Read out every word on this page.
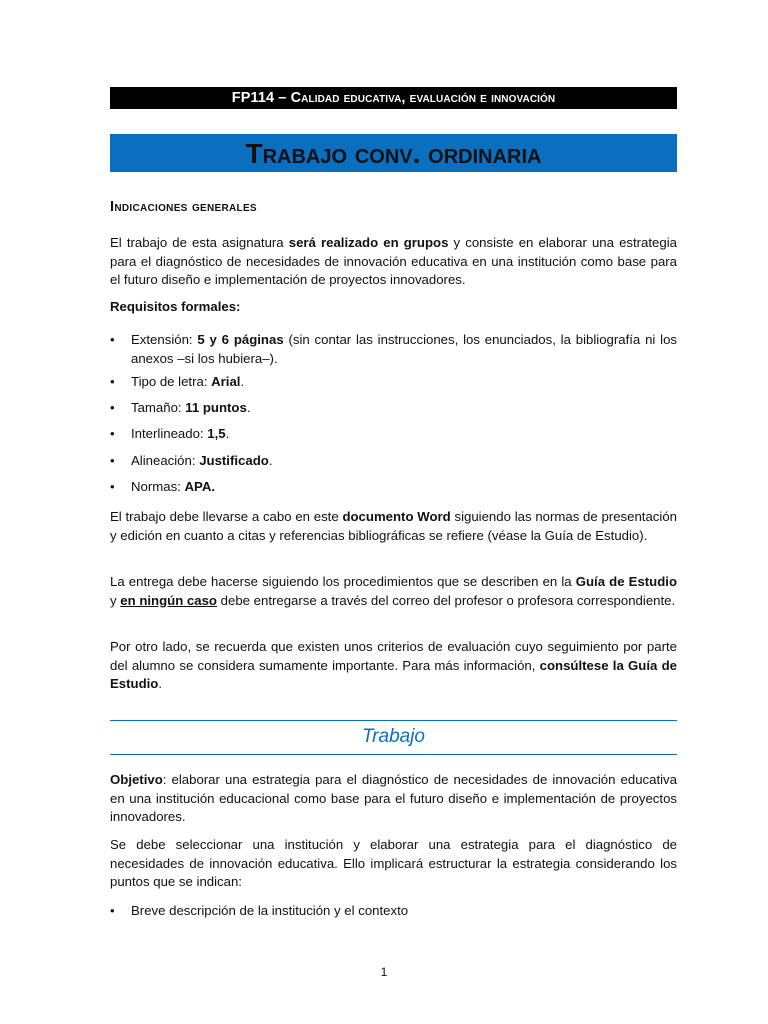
FP114 – Calidad educativa, evaluación e innovación
Trabajo conv. ordinaria
Indicaciones generales
El trabajo de esta asignatura será realizado en grupos y consiste en elaborar una estrategia para el diagnóstico de necesidades de innovación educativa en una institución como base para el futuro diseño e implementación de proyectos innovadores.
Requisitos formales:
•	Extensión: 5 y 6 páginas (sin contar las instrucciones, los enunciados, la bibliografía ni los anexos –si los hubiera–).
•	Tipo de letra: Arial.
•	Tamaño: 11 puntos.
•	Interlineado: 1,5.
•	Alineación: Justificado.
•	Normas: APA.
El trabajo debe llevarse a cabo en este documento Word siguiendo las normas de presentación y edición en cuanto a citas y referencias bibliográficas se refiere (véase la Guía de Estudio).
La entrega debe hacerse siguiendo los procedimientos que se describen en la Guía de Estudio y en ningún caso debe entregarse a través del correo del profesor o profesora correspondiente.
Por otro lado, se recuerda que existen unos criterios de evaluación cuyo seguimiento por parte del alumno se considera sumamente importante. Para más información, consúltese la Guía de Estudio.
Trabajo
Objetivo: elaborar una estrategia para el diagnóstico de necesidades de innovación educativa en una institución educacional como base para el futuro diseño e implementación de proyectos innovadores.
Se debe seleccionar una institución y elaborar una estrategia para el diagnóstico de necesidades de innovación educativa. Ello implicará estructurar la estrategia considerando los puntos que se indican:
•	Breve descripción de la institución y el contexto
1
